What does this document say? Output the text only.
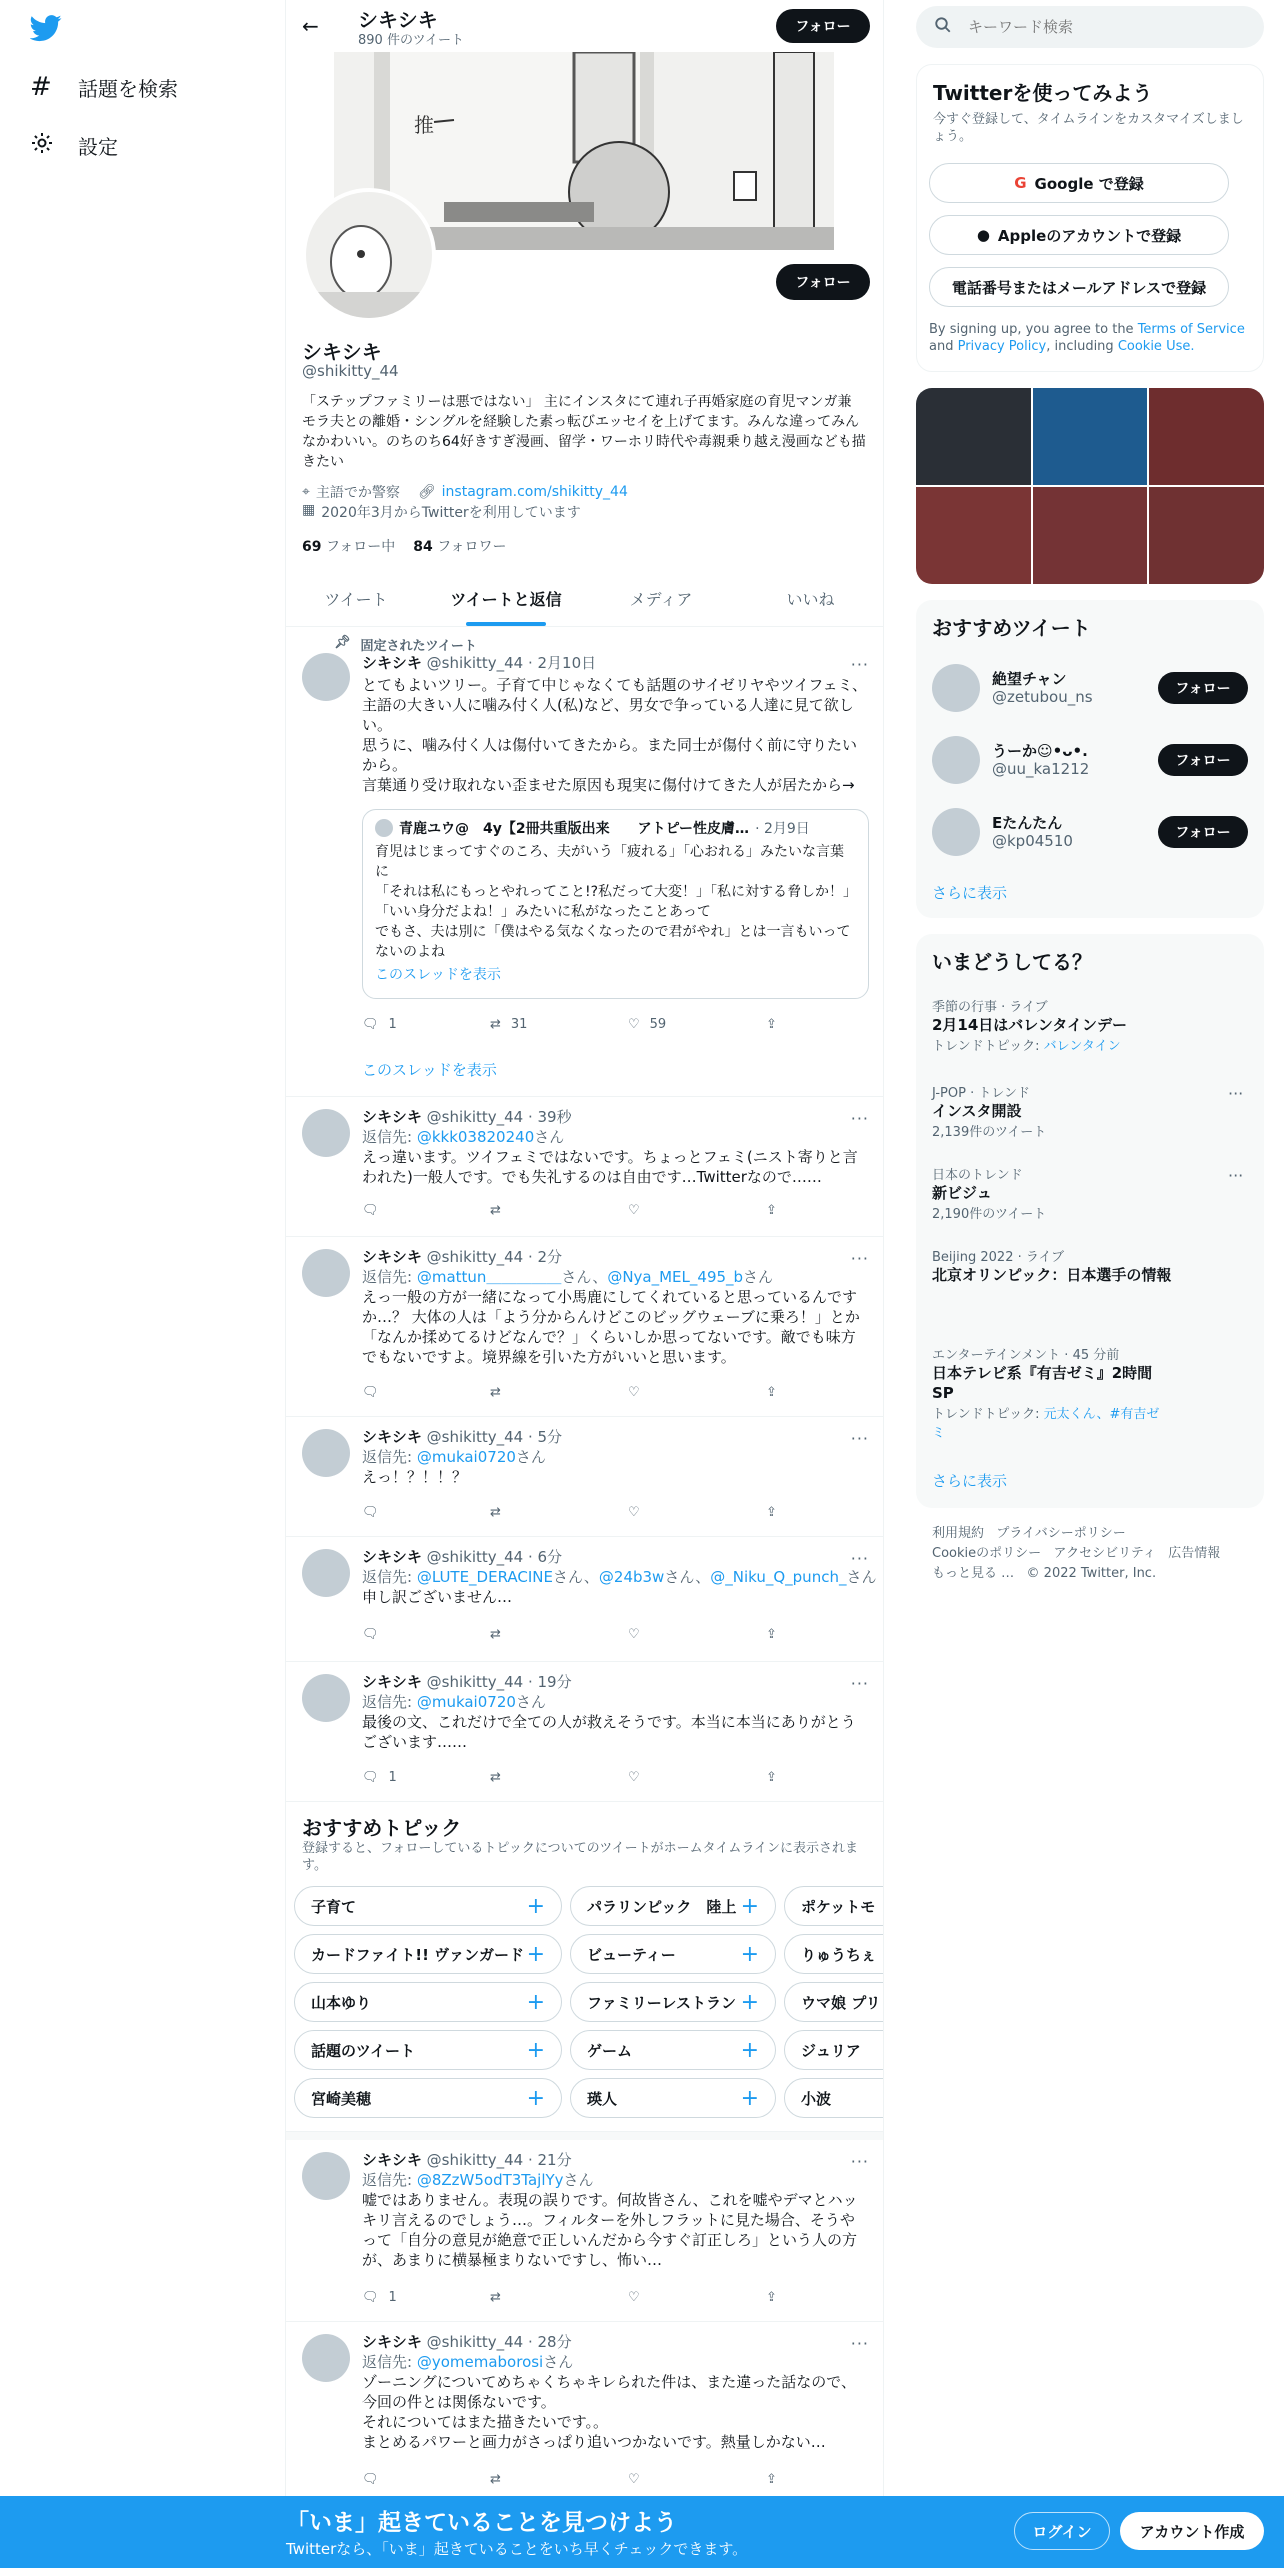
# 話題を検索
設定
推
← シキシキ
890 件のツイート
フォロー
フォロー
シキシキ
@shikitty_44
「ステップファミリーは悪ではない」 主にインスタにて連れ子再婚家庭の育児マンガ兼 モラ夫との離婚・シングルを経験した素っ転びエッセイを上げてます。みんな違ってみんなかわいい。のちのち64好きすぎ漫画、留学・ワーホリ時代や毒親乗り越え漫画なども描きたい
⌖ 主語でか警察 🔗︎ instagram.com/shikitty_44
▦ 2020年3月からTwitterを利用しています
69 フォロー中 84 フォロワー
ツイート	ツイートと返信	メディア	いいね
📌︎ 固定されたツイート
···
シキシキ @shikitty_44 · 2月10日
とてもよいツリー。子育て中じゃなくても話題のサイゼリヤやツイフェミ、主語の大きい人に噛み付く人(私)など、男女で争っている人達に見て欲しい。
思うに、噛み付く人は傷付いてきたから。また同士が傷付く前に守りたいから。
言葉通り受け取れない歪ませた原因も現実に傷付けてきた人が居たから→
青鹿ユウ@　4y【2冊共重版出来　　アトピー性皮膚… · 2月9日
育児はじまってすぐのころ、夫がいう「疲れる」「心おれる」みたいな言葉に
「それは私にもっとやれってこと!?私だって大変！」「私に対する脅しか！」「いい身分だよね！」みたいに私がなったことあって
でもさ、夫は別に「僕はやる気なくなったので君がやれ」とは一言もいってないのよね
このスレッドを表示
🗨︎ 1	⇄ 31	♡ 59	⇪
このスレッドを表示
···
シキシキ @shikitty_44 · 39秒
返信先: @kkk03820240さん
えっ違います。ツイフェミではないです。ちょっとフェミ(ニスト寄りと言われた)一般人です。でも失礼するのは自由です…Twitterなので……
🗨︎	⇄	♡	⇪
···
シキシキ @shikitty_44 · 2分
返信先: @mattun＿＿＿＿＿さん、@Nya_MEL_495_bさん
えっ一般の方が一緒になって小馬鹿にしてくれていると思っているんですか…？ 大体の人は「よう分からんけどこのビッグウェーブに乗ろ！」とか「なんか揉めてるけどなんで？」くらいしか思ってないです。敵でも味方でもないですよ。境界線を引いた方がいいと思います。
🗨︎	⇄	♡	⇪
···
シキシキ @shikitty_44 · 5分
返信先: @mukai0720さん
えっ！？！！？
🗨︎	⇄	♡	⇪
···
シキシキ @shikitty_44 · 6分
返信先: @LUTE_DERACINEさん、@24b3wさん、@_Niku_Q_punch_さん
申し訳ございません…
🗨︎	⇄	♡	⇪
···
シキシキ @shikitty_44 · 19分
返信先: @mukai0720さん
最後の文、これだけで全ての人が救えそうです。本当に本当にありがとうございます……
🗨︎ 1	⇄	♡	⇪
おすすめトピック
登録すると、フォローしているトピックについてのツイートがホームタイムラインに表示されます。
子育て	+	パラリンピック　陸上 +	ポケットモ
カードファイト!! ヴァンガード +	ビューティー	+	りゅうちぇ
山本ゆり	+	ファミリーレストラン +	ウマ娘 プリ
話題のツイート	+	ゲーム	+	ジュリア
宮崎美穂	+	瑛人	+	小波
···
シキシキ @shikitty_44 · 21分
返信先: @8ZzW5odT3TajlYyさん
嘘ではありません。表現の誤りです。何故皆さん、これを嘘やデマとハッキリ言えるのでしょう…。フィルターを外しフラットに見た場合、そうやって「自分の意見が絶意で正しいんだから今すぐ訂正しろ」という人の方が、あまりに横暴極まりないですし、怖い…
🗨︎ 1	⇄	♡	⇪
···
シキシキ @shikitty_44 · 28分
返信先: @yomemaborosiさん
ゾーニングについてめちゃくちゃキレられた件は、また違った話なので、今回の件とは関係ないです。
それについてはまた描きたいです。。
まとめるパワーと画力がさっぱり追いつかないです。熱量しかない…
🗨︎	⇄	♡	⇪
キーワード検索
Twitterを使ってみよう
今すぐ登録して、タイムラインをカスタマイズしましょう。
G Google で登録
● Appleのアカウントで登録
電話番号またはメールアドレスで登録
By signing up, you agree to the Terms of Service and Privacy Policy, including Cookie Use.
おすすめツイート
絶望チャン
@zetubou_ns	フォロー
うーか☺︎•ᴗ•.
@uu_ka1212	フォロー
Eたんたん
@kp04510	フォロー
さらに表示
いまどうしてる？
季節の行事 · ライブ
2月14日はバレンタインデー
トレンドトピック: バレンタイン
J-POP · トレンド
インスタ開設
2,139件のツイート
···
日本のトレンド
新ビジュ
2,190件のツイート
···
Beijing 2022 · ライブ
北京オリンピック：日本選手の情報
エンターテインメント · 45 分前
日本テレビ系『有吉ゼミ』2時間SP
トレンドトピック: 元太くん、#有吉ゼミ
さらに表示
利用規約 プライバシーポリシー
Cookieのポリシー アクセシビリティ 広告情報
もっと見る … © 2022 Twitter, Inc.
「いま」起きていることを見つけよう
Twitterなら、「いま」起きていることをいち早くチェックできます。
ログイン	アカウント作成
